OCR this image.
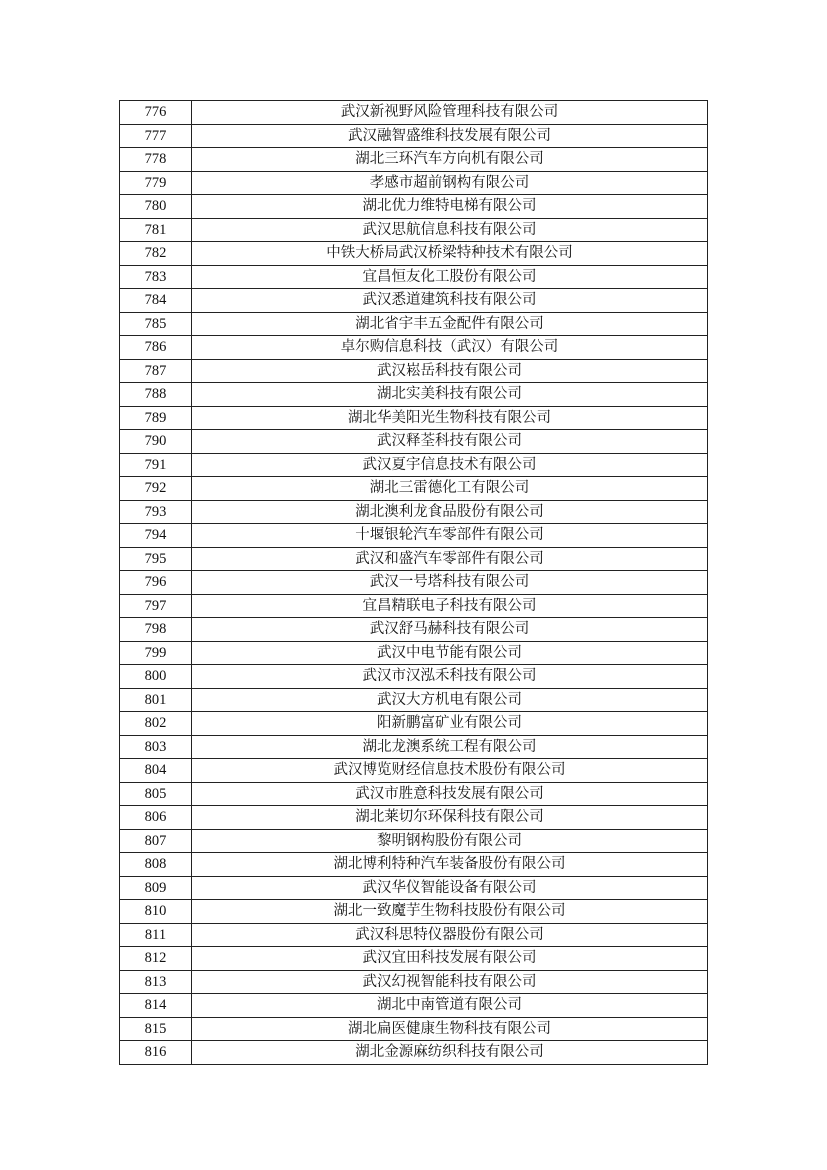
776	武汉新视野风险管理科技有限公司
777	武汉融智盛维科技发展有限公司
778	湖北三环汽车方向机有限公司
779	孝感市超前钢构有限公司
780	湖北优力维特电梯有限公司
781	武汉思航信息科技有限公司
782	中铁大桥局武汉桥梁特种技术有限公司
783	宜昌恒友化工股份有限公司
784	武汉悉道建筑科技有限公司
785	湖北省宇丰五金配件有限公司
786	卓尔购信息科技（武汉）有限公司
787	武汉崧岳科技有限公司
788	湖北实美科技有限公司
789	湖北华美阳光生物科技有限公司
790	武汉释荃科技有限公司
791	武汉夏宇信息技术有限公司
792	湖北三雷德化工有限公司
793	湖北澳利龙食品股份有限公司
794	十堰银轮汽车零部件有限公司
795	武汉和盛汽车零部件有限公司
796	武汉一号塔科技有限公司
797	宜昌精联电子科技有限公司
798	武汉舒马赫科技有限公司
799	武汉中电节能有限公司
800	武汉市汉泓禾科技有限公司
801	武汉大方机电有限公司
802	阳新鹏富矿业有限公司
803	湖北龙澳系统工程有限公司
804	武汉博览财经信息技术股份有限公司
805	武汉市胜意科技发展有限公司
806	湖北莱切尔环保科技有限公司
807	黎明钢构股份有限公司
808	湖北博利特种汽车装备股份有限公司
809	武汉华仪智能设备有限公司
810	湖北一致魔芋生物科技股份有限公司
811	武汉科思特仪器股份有限公司
812	武汉宜田科技发展有限公司
813	武汉幻视智能科技有限公司
814	湖北中南管道有限公司
815	湖北扁医健康生物科技有限公司
816	湖北金源麻纺织科技有限公司
